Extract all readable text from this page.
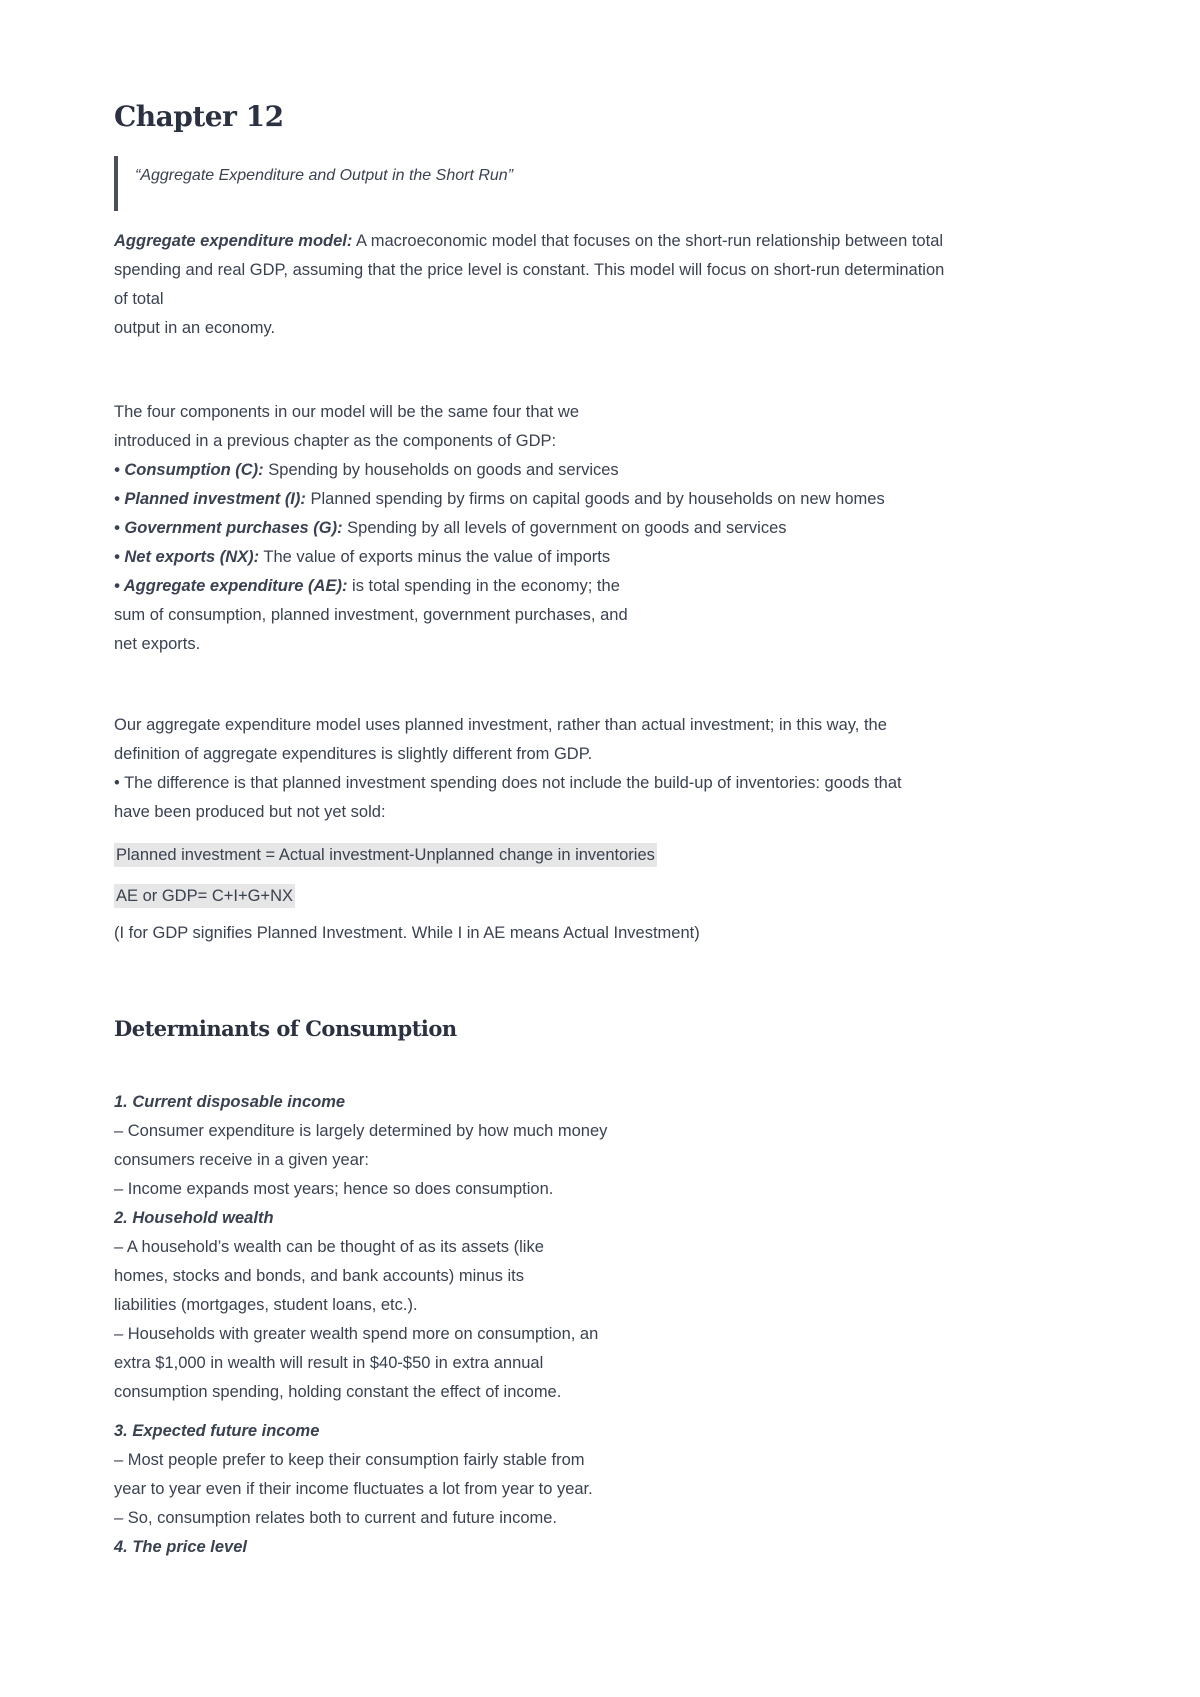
Chapter 12
“Aggregate Expenditure and Output in the Short Run”

Aggregate expenditure model: A macroeconomic model that focuses on the short-run relationship between total

spending and real GDP, assuming that the price level is constant. This model will focus on short-run determination

of total

output in an economy.

The four components in our model will be the same four that we

introduced in a previous chapter as the components of GDP:

• Consumption (C): Spending by households on goods and services

• Planned investment (I): Planned spending by firms on capital goods and by households on new homes

• Government purchases (G): Spending by all levels of government on goods and services

• Net exports (NX): The value of exports minus the value of imports

• Aggregate expenditure (AE): is total spending in the economy; the

sum of consumption, planned investment, government purchases, and

net exports.

Our aggregate expenditure model uses planned investment, rather than actual investment; in this way, the

definition of aggregate expenditures is slightly different from GDP.

• The difference is that planned investment spending does not include the build-up of inventories: goods that

have been produced but not yet sold:

Planned investment = Actual investment-Unplanned change in inventories
AE or GDP= C+I+G+NX

(I for GDP signifies Planned Investment. While I in AE means Actual Investment)

Determinants of Consumption

1. Current disposable income

– Consumer expenditure is largely determined by how much money

consumers receive in a given year:

– Income expands most years; hence so does consumption.

2. Household wealth

– A household’s wealth can be thought of as its assets (like

homes, stocks and bonds, and bank accounts) minus its

liabilities (mortgages, student loans, etc.).

– Households with greater wealth spend more on consumption, an

extra $1,000 in wealth will result in $40-$50 in extra annual

consumption spending, holding constant the effect of income.

3. Expected future income

– Most people prefer to keep their consumption fairly stable from

year to year even if their income fluctuates a lot from year to year.

– So, consumption relates both to current and future income.

4. The price level
